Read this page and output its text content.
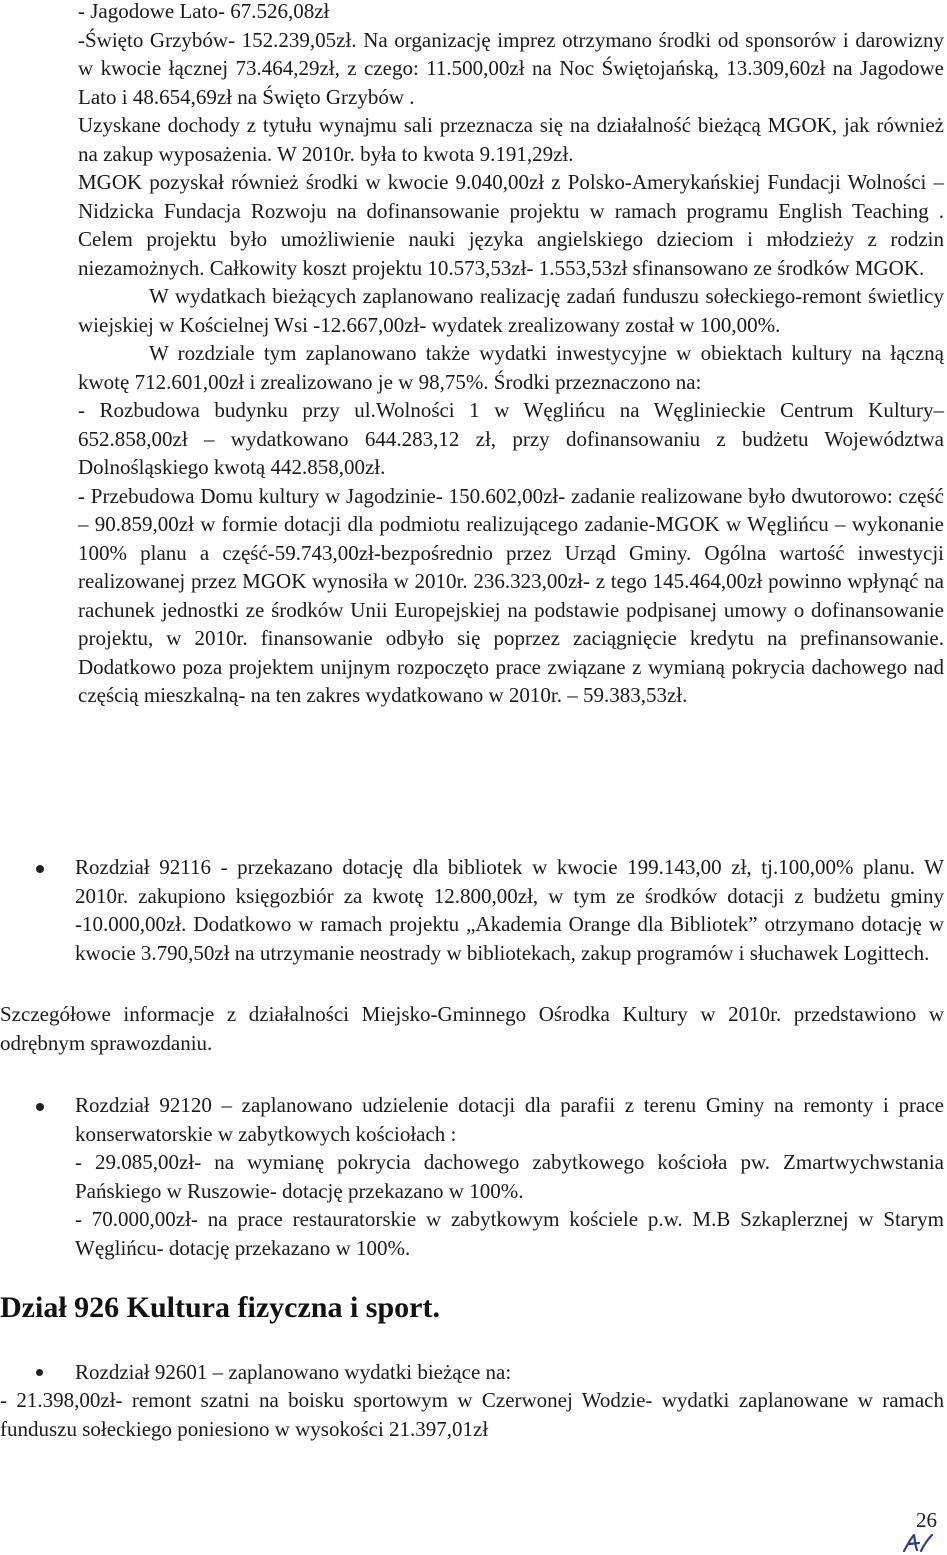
- Jagodowe Lato- 67.526,08zł

-Święto Grzybów- 152.239,05zł. Na organizację imprez otrzymano środki od sponsorów i darowizny w kwocie łącznej 73.464,29zł, z czego: 11.500,00zł na Noc Świętojańską, 13.309,60zł na Jagodowe Lato i 48.654,69zł na Święto Grzybów .

Uzyskane dochody z tytułu wynajmu sali przeznacza się na działalność bieżącą MGOK, jak również na zakup wyposażenia. W 2010r. była to kwota 9.191,29zł.

MGOK pozyskał również środki w kwocie 9.040,00zł z Polsko-Amerykańskiej Fundacji Wolności – Nidzicka Fundacja Rozwoju na dofinansowanie projektu w ramach programu English Teaching . Celem projektu było umożliwienie nauki języka angielskiego dzieciom i młodzieży z rodzin niezamożnych. Całkowity koszt projektu 10.573,53zł- 1.553,53zł sfinansowano ze środków MGOK.

W wydatkach bieżących zaplanowano realizację zadań funduszu sołeckiego-remont świetlicy wiejskiej w Kościelnej Wsi -12.667,00zł- wydatek zrealizowany został w 100,00%.

W rozdziale tym zaplanowano także wydatki inwestycyjne w obiektach kultury na łączną kwotę 712.601,00zł i zrealizowano je w 98,75%. Środki przeznaczono na:

- Rozbudowa budynku przy ul.Wolności 1 w Węglińcu na Węglinieckie Centrum Kultury– 652.858,00zł – wydatkowano 644.283,12 zł, przy dofinansowaniu z budżetu Województwa Dolnośląskiego kwotą 442.858,00zł.

- Przebudowa Domu kultury w Jagodzinie- 150.602,00zł- zadanie realizowane było dwutorowo: część – 90.859,00zł w formie dotacji dla podmiotu realizującego zadanie-MGOK w Węglińcu – wykonanie 100% planu a część-59.743,00zł-bezpośrednio przez Urząd Gminy. Ogólna wartość inwestycji realizowanej przez MGOK wynosiła w 2010r. 236.323,00zł- z tego 145.464,00zł powinno wpłynąć na rachunek jednostki ze środków Unii Europejskiej na podstawie podpisanej umowy o dofinansowanie projektu, w 2010r. finansowanie odbyło się poprzez zaciągnięcie kredytu na prefinansowanie. Dodatkowo poza projektem unijnym rozpoczęto prace związane z wymianą pokrycia dachowego nad częścią mieszkalną- na ten zakres wydatkowano w 2010r. – 59.383,53zł.

Rozdział 92116 - przekazano dotację dla bibliotek w kwocie 199.143,00 zł, tj.100,00% planu. W 2010r. zakupiono księgozbiór za kwotę 12.800,00zł, w tym ze środków dotacji z budżetu gminy -10.000,00zł. Dodatkowo w ramach projektu „Akademia Orange dla Bibliotek” otrzymano dotację w kwocie 3.790,50zł na utrzymanie neostrady w bibliotekach, zakup programów i słuchawek Logittech.

Szczegółowe informacje z działalności Miejsko-Gminnego Ośrodka Kultury w 2010r. przedstawiono w odrębnym sprawozdaniu.

Rozdział 92120 – zaplanowano udzielenie dotacji dla parafii z terenu Gminy na remonty i prace konserwatorskie w zabytkowych kościołach :

- 29.085,00zł- na wymianę pokrycia dachowego zabytkowego kościoła pw. Zmartwychwstania Pańskiego w Ruszowie- dotację przekazano w 100%.

- 70.000,00zł- na prace restauratorskie w zabytkowym kościele p.w. M.B Szkaplerznej w Starym Węglińcu- dotację przekazano w 100%.

Dział 926 Kultura fizyczna i sport.

Rozdział 92601 – zaplanowano wydatki bieżące na:

- 21.398,00zł- remont szatni na boisku sportowym w Czerwonej Wodzie- wydatki zaplanowane w ramach funduszu sołeckiego poniesiono w wysokości 21.397,01zł

26
